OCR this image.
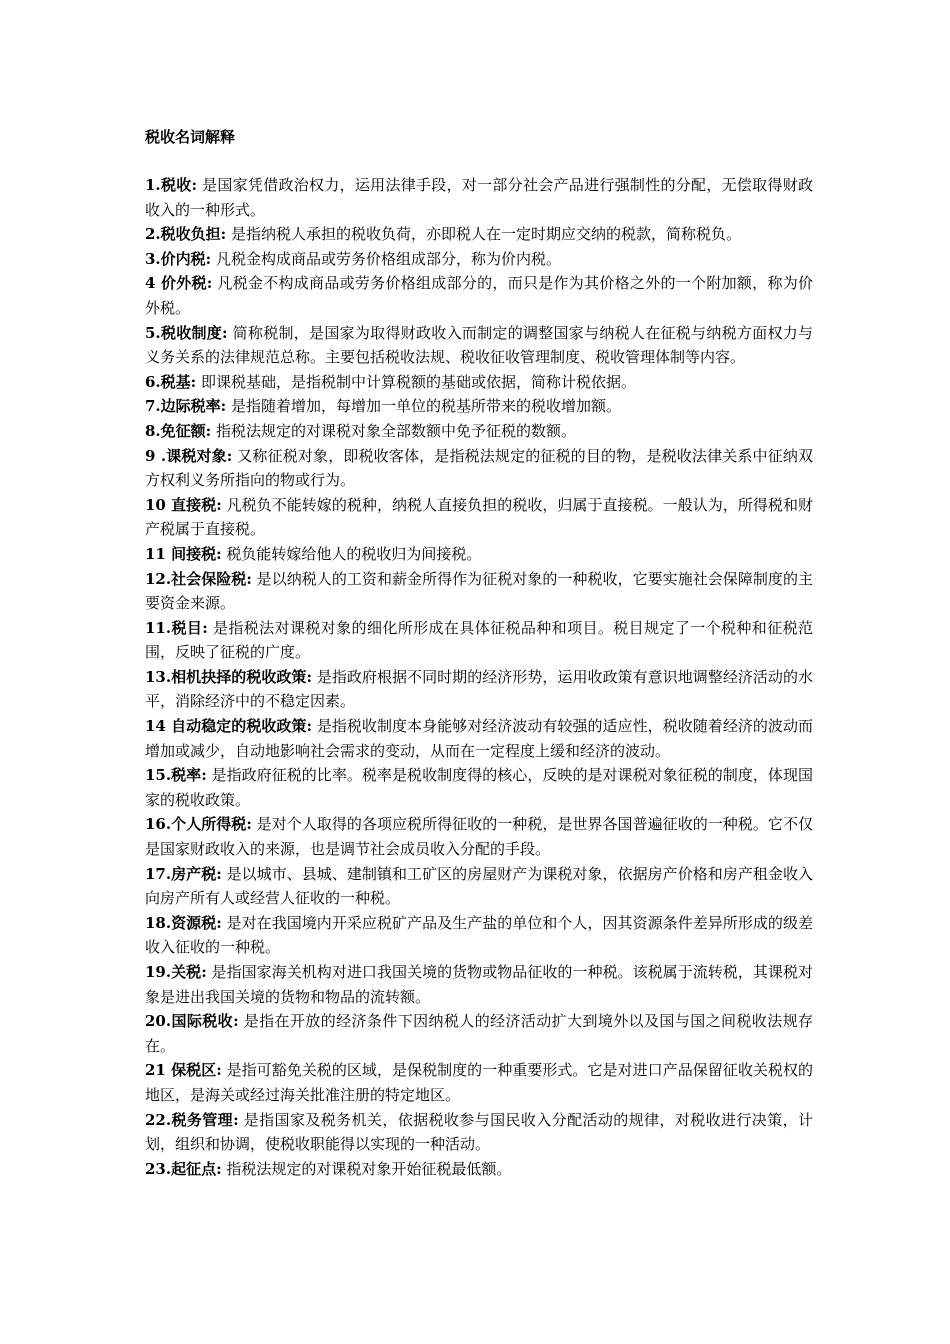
税收名词解释

1.税收: 是国家凭借政治权力，运用法律手段，对一部分社会产品进行强制性的分配，无偿取得财政收入的一种形式。

2.税收负担: 是指纳税人承担的税收负荷，亦即税人在一定时期应交纳的税款，简称税负。

3.价内税: 凡税金构成商品或劳务价格组成部分，称为价内税。

4 价外税: 凡税金不构成商品或劳务价格组成部分的，而只是作为其价格之外的一个附加额，称为价外税。

5.税收制度: 简称税制，是国家为取得财政收入而制定的调整国家与纳税人在征税与纳税方面权力与义务关系的法律规范总称。主要包括税收法规、税收征收管理制度、税收管理体制等内容。

6.税基: 即课税基础，是指税制中计算税额的基础或依据，简称计税依据。

7.边际税率: 是指随着增加，每增加一单位的税基所带来的税收增加额。

8.免征额: 指税法规定的对课税对象全部数额中免予征税的数额。

9 .课税对象: 又称征税对象，即税收客体，是指税法规定的征税的目的物，是税收法律关系中征纳双方权利义务所指向的物或行为。

10 直接税: 凡税负不能转嫁的税种，纳税人直接负担的税收，归属于直接税。一般认为，所得税和财产税属于直接税。

11 间接税: 税负能转嫁给他人的税收归为间接税。

12.社会保险税: 是以纳税人的工资和薪金所得作为征税对象的一种税收，它要实施社会保障制度的主要资金来源。

11.税目: 是指税法对课税对象的细化所形成在具体征税品种和项目。税目规定了一个税种和征税范围，反映了征税的广度。

13.相机抉择的税收政策: 是指政府根据不同时期的经济形势，运用收政策有意识地调整经济活动的水平，消除经济中的不稳定因素。

14 自动稳定的税收政策: 是指税收制度本身能够对经济波动有较强的适应性，税收随着经济的波动而增加或减少，自动地影响社会需求的变动，从而在一定程度上缓和经济的波动。

15.税率: 是指政府征税的比率。税率是税收制度得的核心，反映的是对课税对象征税的制度，体现国家的税收政策。

16.个人所得税: 是对个人取得的各项应税所得征收的一种税，是世界各国普遍征收的一种税。它不仅是国家财政收入的来源，也是调节社会成员收入分配的手段。

17.房产税: 是以城市、县城、建制镇和工矿区的房屋财产为课税对象，依据房产价格和房产租金收入向房产所有人或经营人征收的一种税。

18.资源税: 是对在我国境内开采应税矿产品及生产盐的单位和个人，因其资源条件差异所形成的级差收入征收的一种税。

19.关税: 是指国家海关机构对进口我国关境的货物或物品征收的一种税。该税属于流转税，其课税对象是进出我国关境的货物和物品的流转额。

20.国际税收: 是指在开放的经济条件下因纳税人的经济活动扩大到境外以及国与国之间税收法规存在。

21 保税区: 是指可豁免关税的区域，是保税制度的一种重要形式。它是对进口产品保留征收关税权的地区，是海关或经过海关批准注册的特定地区。

22.税务管理: 是指国家及税务机关，依据税收参与国民收入分配活动的规律，对税收进行决策，计划，组织和协调，使税收职能得以实现的一种活动。

23.起征点: 指税法规定的对课税对象开始征税最低额。
